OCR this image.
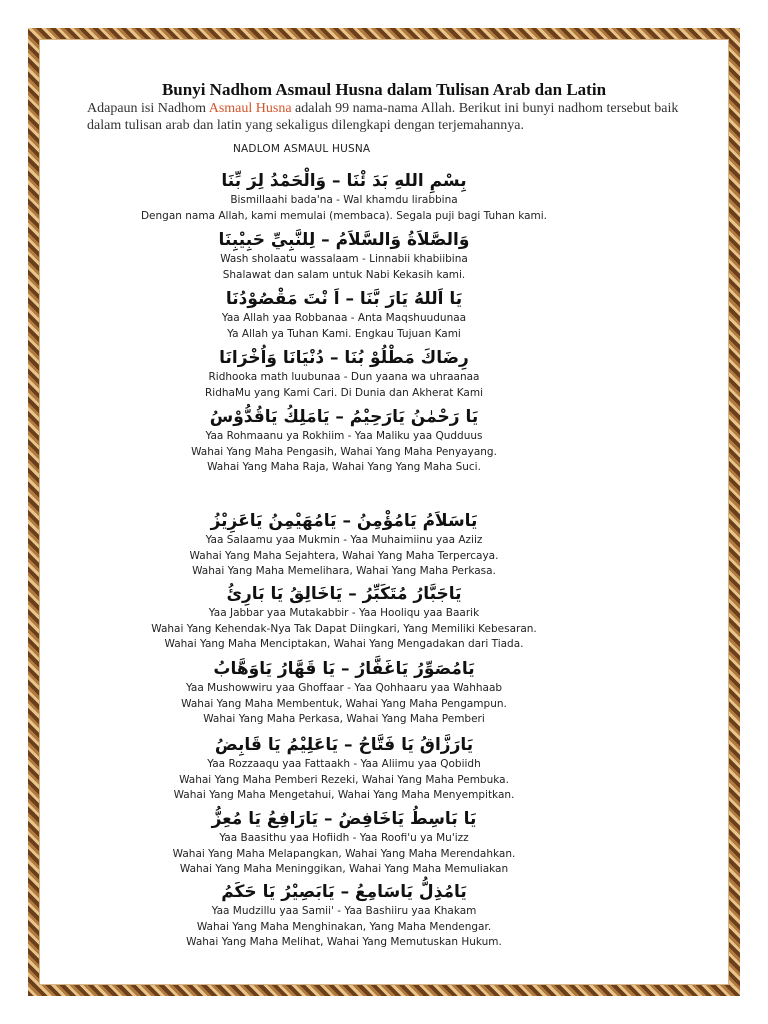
Bunyi Nadhom Asmaul Husna dalam Tulisan Arab dan Latin

Adapaun isi Nadhom Asmaul Husna adalah 99 nama-nama Allah. Berikut ini bunyi nadhom tersebut baik dalam tulisan arab dan latin yang sekaligus dilengkapi dengan terjemahannya.

NADLOM ASMAUL HUSNA
بِسْمِ اللهِ بَدَ ئْنَا – وَالْحَمْدُ لِرَ بِّنَا
Bismillaahi bada'na - Wal khamdu lirabbina
Dengan nama Allah, kami memulai (membaca). Segala puji bagi Tuhan kami.
وَالصَّلاَةُ وَالسَّلاَمُ – لِلنَّبِيِّ حَبِيْبِنَا
Wash sholaatu wassalaam - Linnabii khabiibina
Shalawat dan salam untuk Nabi Kekasih kami.
يَا اَللهُ يَارَ بَّنَا – اَ نْتَ مَقْصُوْدُنَا
Yaa Allah yaa Robbanaa - Anta Maqshuudunaa
Ya Allah ya Tuhan Kami. Engkau Tujuan Kami
رِضَاكَ مَطْلُوْ بُنَا – دُنْيَانَا وَاُخْرَانَا
Ridhooka math luubunaa - Dun yaana wa uhraanaa
RidhaMu yang Kami Cari. Di Dunia dan Akherat Kami
يَا رَحْمٰنُ يَارَحِيْمُ – يَامَلِكُ يَاقُدُّوْسُ
Yaa Rohmaanu ya Rokhiim - Yaa Maliku yaa Qudduus
Wahai Yang Maha Pengasih, Wahai Yang Maha Penyayang.
Wahai Yang Maha Raja, Wahai Yang Yang Maha Suci.
يَاسَلاَمُ يَامُؤْمِنُ – يَامُهَيْمِنُ يَاعَزِيْزُ
Yaa Salaamu yaa Mukmin - Yaa Muhaimiinu yaa Aziiz
Wahai Yang Maha Sejahtera, Wahai Yang Maha Terpercaya.
Wahai Yang Maha Memelihara, Wahai Yang Maha Perkasa.
يَاجَبَّارُ مُتَكَبِّرُ – يَاخَالِقُ يَا بَارِئُ
Yaa Jabbar yaa Mutakabbir - Yaa Hooliqu yaa Baarik
Wahai Yang Kehendak-Nya Tak Dapat Diingkari, Yang Memiliki Kebesaran.
Wahai Yang Maha Menciptakan, Wahai Yang Mengadakan dari Tiada.
يَامُصَوِّرُ يَاغَفَّارُ – يَا قَهَّارُ يَاوَهَّابُ
Yaa Mushowwiru yaa Ghoffaar - Yaa Qohhaaru yaa Wahhaab
Wahai Yang Maha Membentuk, Wahai Yang Maha Pengampun.
Wahai Yang Maha Perkasa, Wahai Yang Maha Pemberi
يَارَزَّاقُ يَا فَتَّاحُ – يَاعَلِيْمُ يَا قَابِضُ
Yaa Rozzaaqu yaa Fattaakh - Yaa Aliimu yaa Qobiidh
Wahai Yang Maha Pemberi Rezeki, Wahai Yang Maha Pembuka.
Wahai Yang Maha Mengetahui, Wahai Yang Maha Menyempitkan.
يَا بَاسِطُ يَاخَافِضُ – يَارَافِعُ يَا مُعِزُّ
Yaa Baasithu yaa Hofiidh - Yaa Roofi'u ya Mu'izz
Wahai Yang Maha Melapangkan, Wahai Yang Maha Merendahkan.
Wahai Yang Maha Meninggikan, Wahai Yang Maha Memuliakan
يَامُذِلُّ يَاسَامِعُ – يَابَصِيْرُ يَا حَكَمُ
Yaa Mudzillu yaa Samii' - Yaa Bashiiru yaa Khakam
Wahai Yang Maha Menghinakan, Yang Maha Mendengar.
Wahai Yang Maha Melihat, Wahai Yang Memutuskan Hukum.
